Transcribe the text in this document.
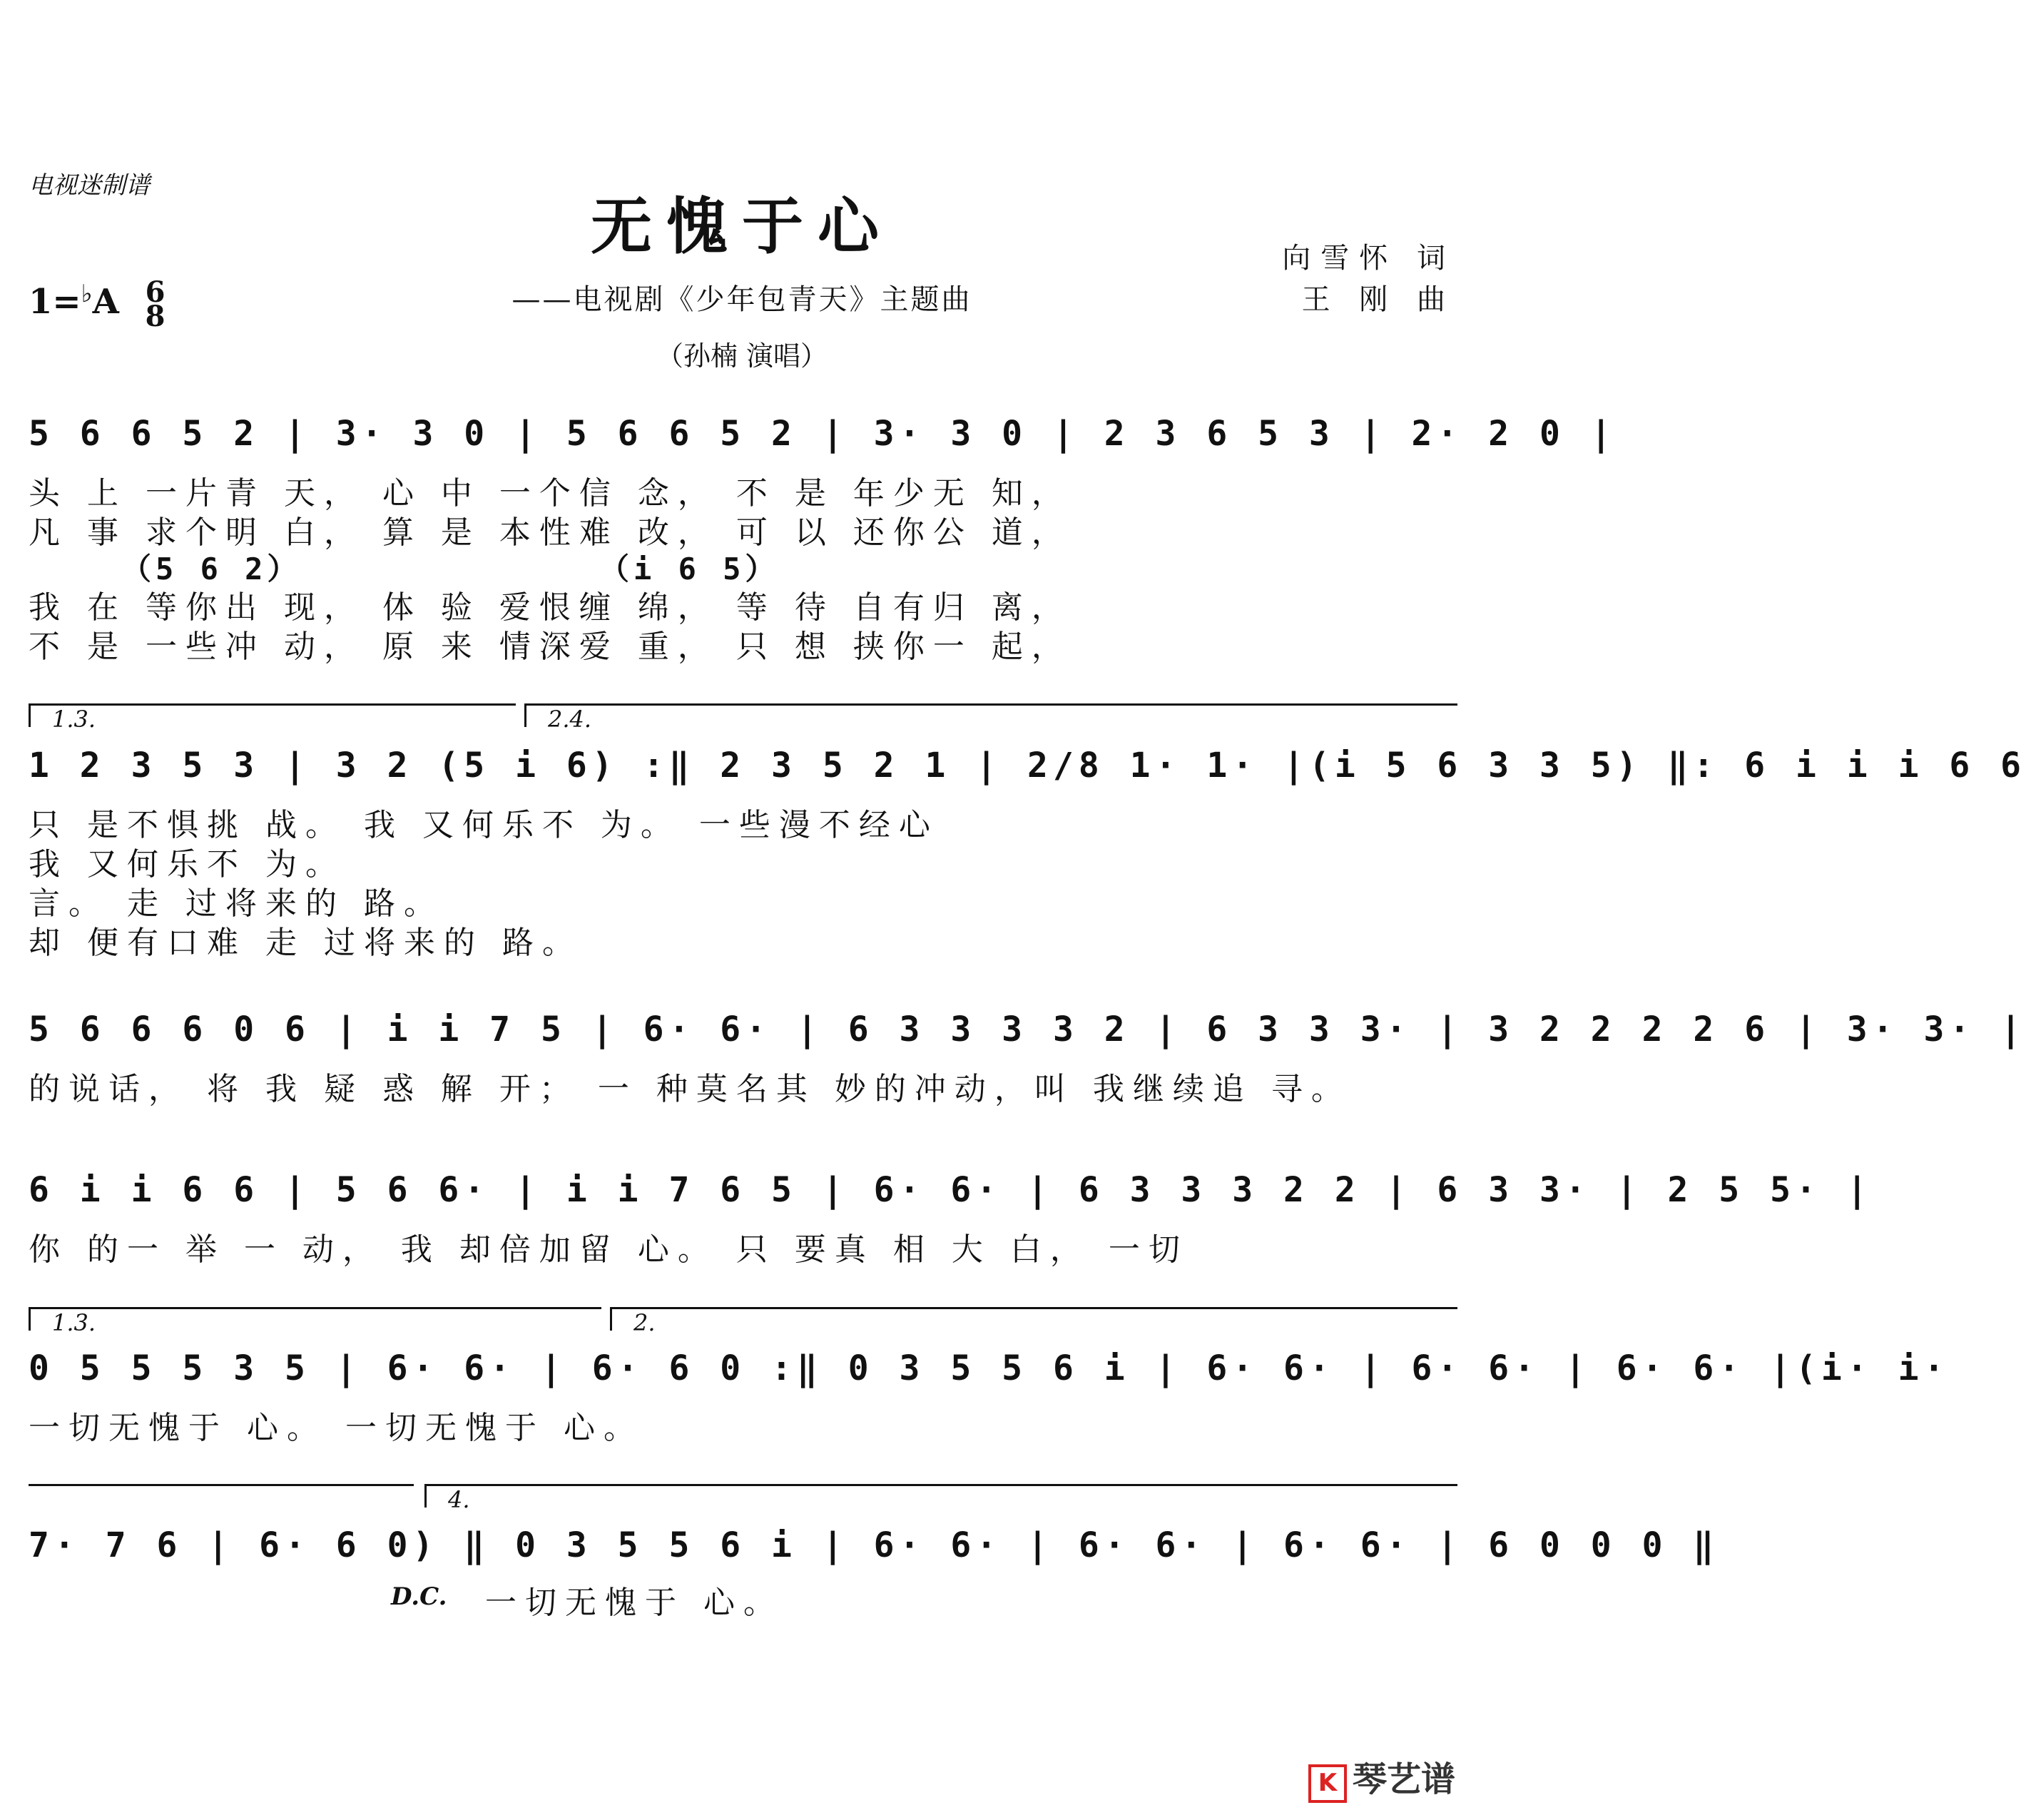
电视迷制谱
无愧于心
——电视剧《少年包青天》主题曲
（孙楠 演唱）
向雪怀 词
王 刚 曲
1=♭A 6
8
5 6 6 5 2 | 3· 3 0 | 5 6 6 5 2 | 3· 3 0 | 2 3 6 5 3 | 2· 2 0 |
头 上 一片青 天， 心 中 一个信 念， 不 是 年少无 知，
凡 事 求个明 白， 算 是 本性难 改， 可 以 还你公 道，
（5 6 2）	（i 6 5）
我 在 等你出 现， 体 验 爱恨缠 绵， 等 待 自有归 离，
不 是 一些冲 动， 原 来 情深爱 重， 只 想 挟你一 起，
1.3.	2.4.
1 2 3 5 3 | 3 2 (5 i 6) :‖ 2 3 5 2 1 | 2/8 1· 1· |(i 5 6 3 3 5) ‖: 6 i i i 6 6
只 是不惧挑 战。 我 又何乐不 为。 一些漫不经心
我 又何乐不 为。
言。 走 过将来的 路。
却 便有口难 走 过将来的 路。
5 6 6 6 0 6 | i i 7 5 | 6· 6· | 6 3 3 3 3 2 | 6 3 3 3· | 3 2 2 2 2 6 | 3· 3· |
的说话， 将 我 疑 惑 解 开； 一 种莫名其 妙的冲动，叫 我继续追 寻。
6 i i 6 6 | 5 6 6· | i i 7 6 5 | 6· 6· | 6 3 3 3 2 2 | 6 3 3· | 2 5 5· |
你 的一 举 一 动， 我 却倍加留 心。 只 要真 相 大 白， 一切
1.3.	2.
0 5 5 5 3 5 | 6· 6· | 6· 6 0 :‖ 0 3 5 5 6 i | 6· 6· | 6· 6· | 6· 6· |(i· i·
一切无愧于 心。 一切无愧于 心。
4.
7· 7 6 | 6· 6 0) ‖ 0 3 5 5 6 i | 6· 6· | 6· 6· | 6· 6· | 6 0 0 0 ‖
D.C. 一切无愧于 心。
K 琴艺谱
